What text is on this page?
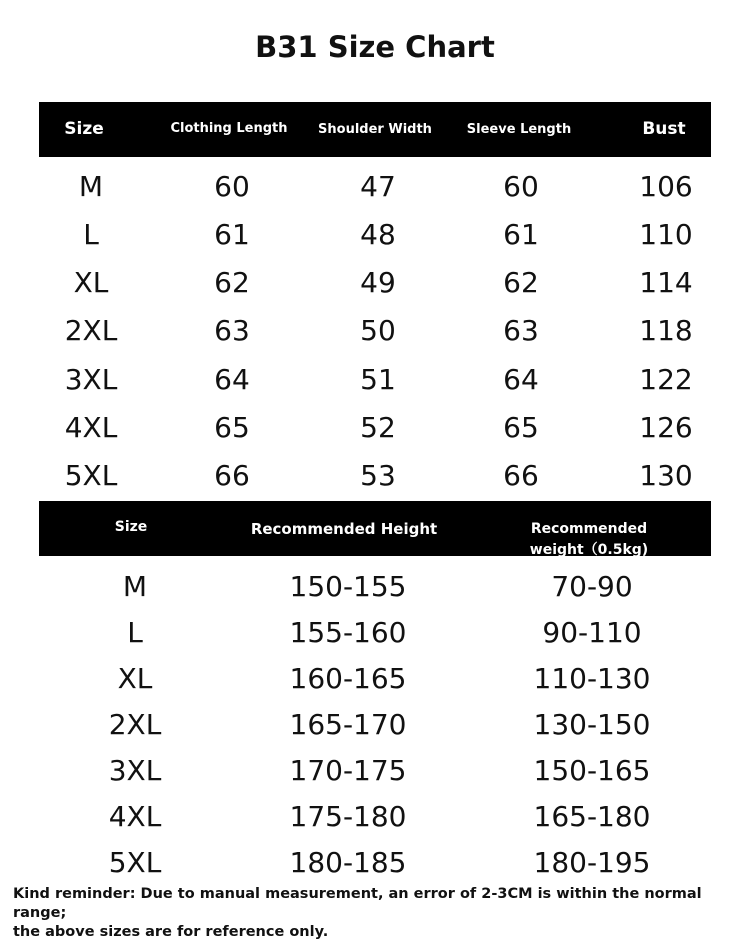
B31 Size Chart
Size	Clothing Length	Shoulder Width	Sleeve Length	Bust
M	60	47	60	106
L	61	48	61	110
XL	62	49	62	114
2XL	63	50	63	118
3XL	64	51	64	122
4XL	65	52	65	126
5XL	66	53	66	130
Size	Recommended Height	Recommended
weight（0.5kg)
M	150-155	70-90
L	155-160	90-110
XL	160-165	110-130
2XL	165-170	130-150
3XL	170-175	150-165
4XL	175-180	165-180
5XL	180-185	180-195
Kind reminder: Due to manual measurement, an error of 2-3CM is within the normal range;
the above sizes are for reference only.
